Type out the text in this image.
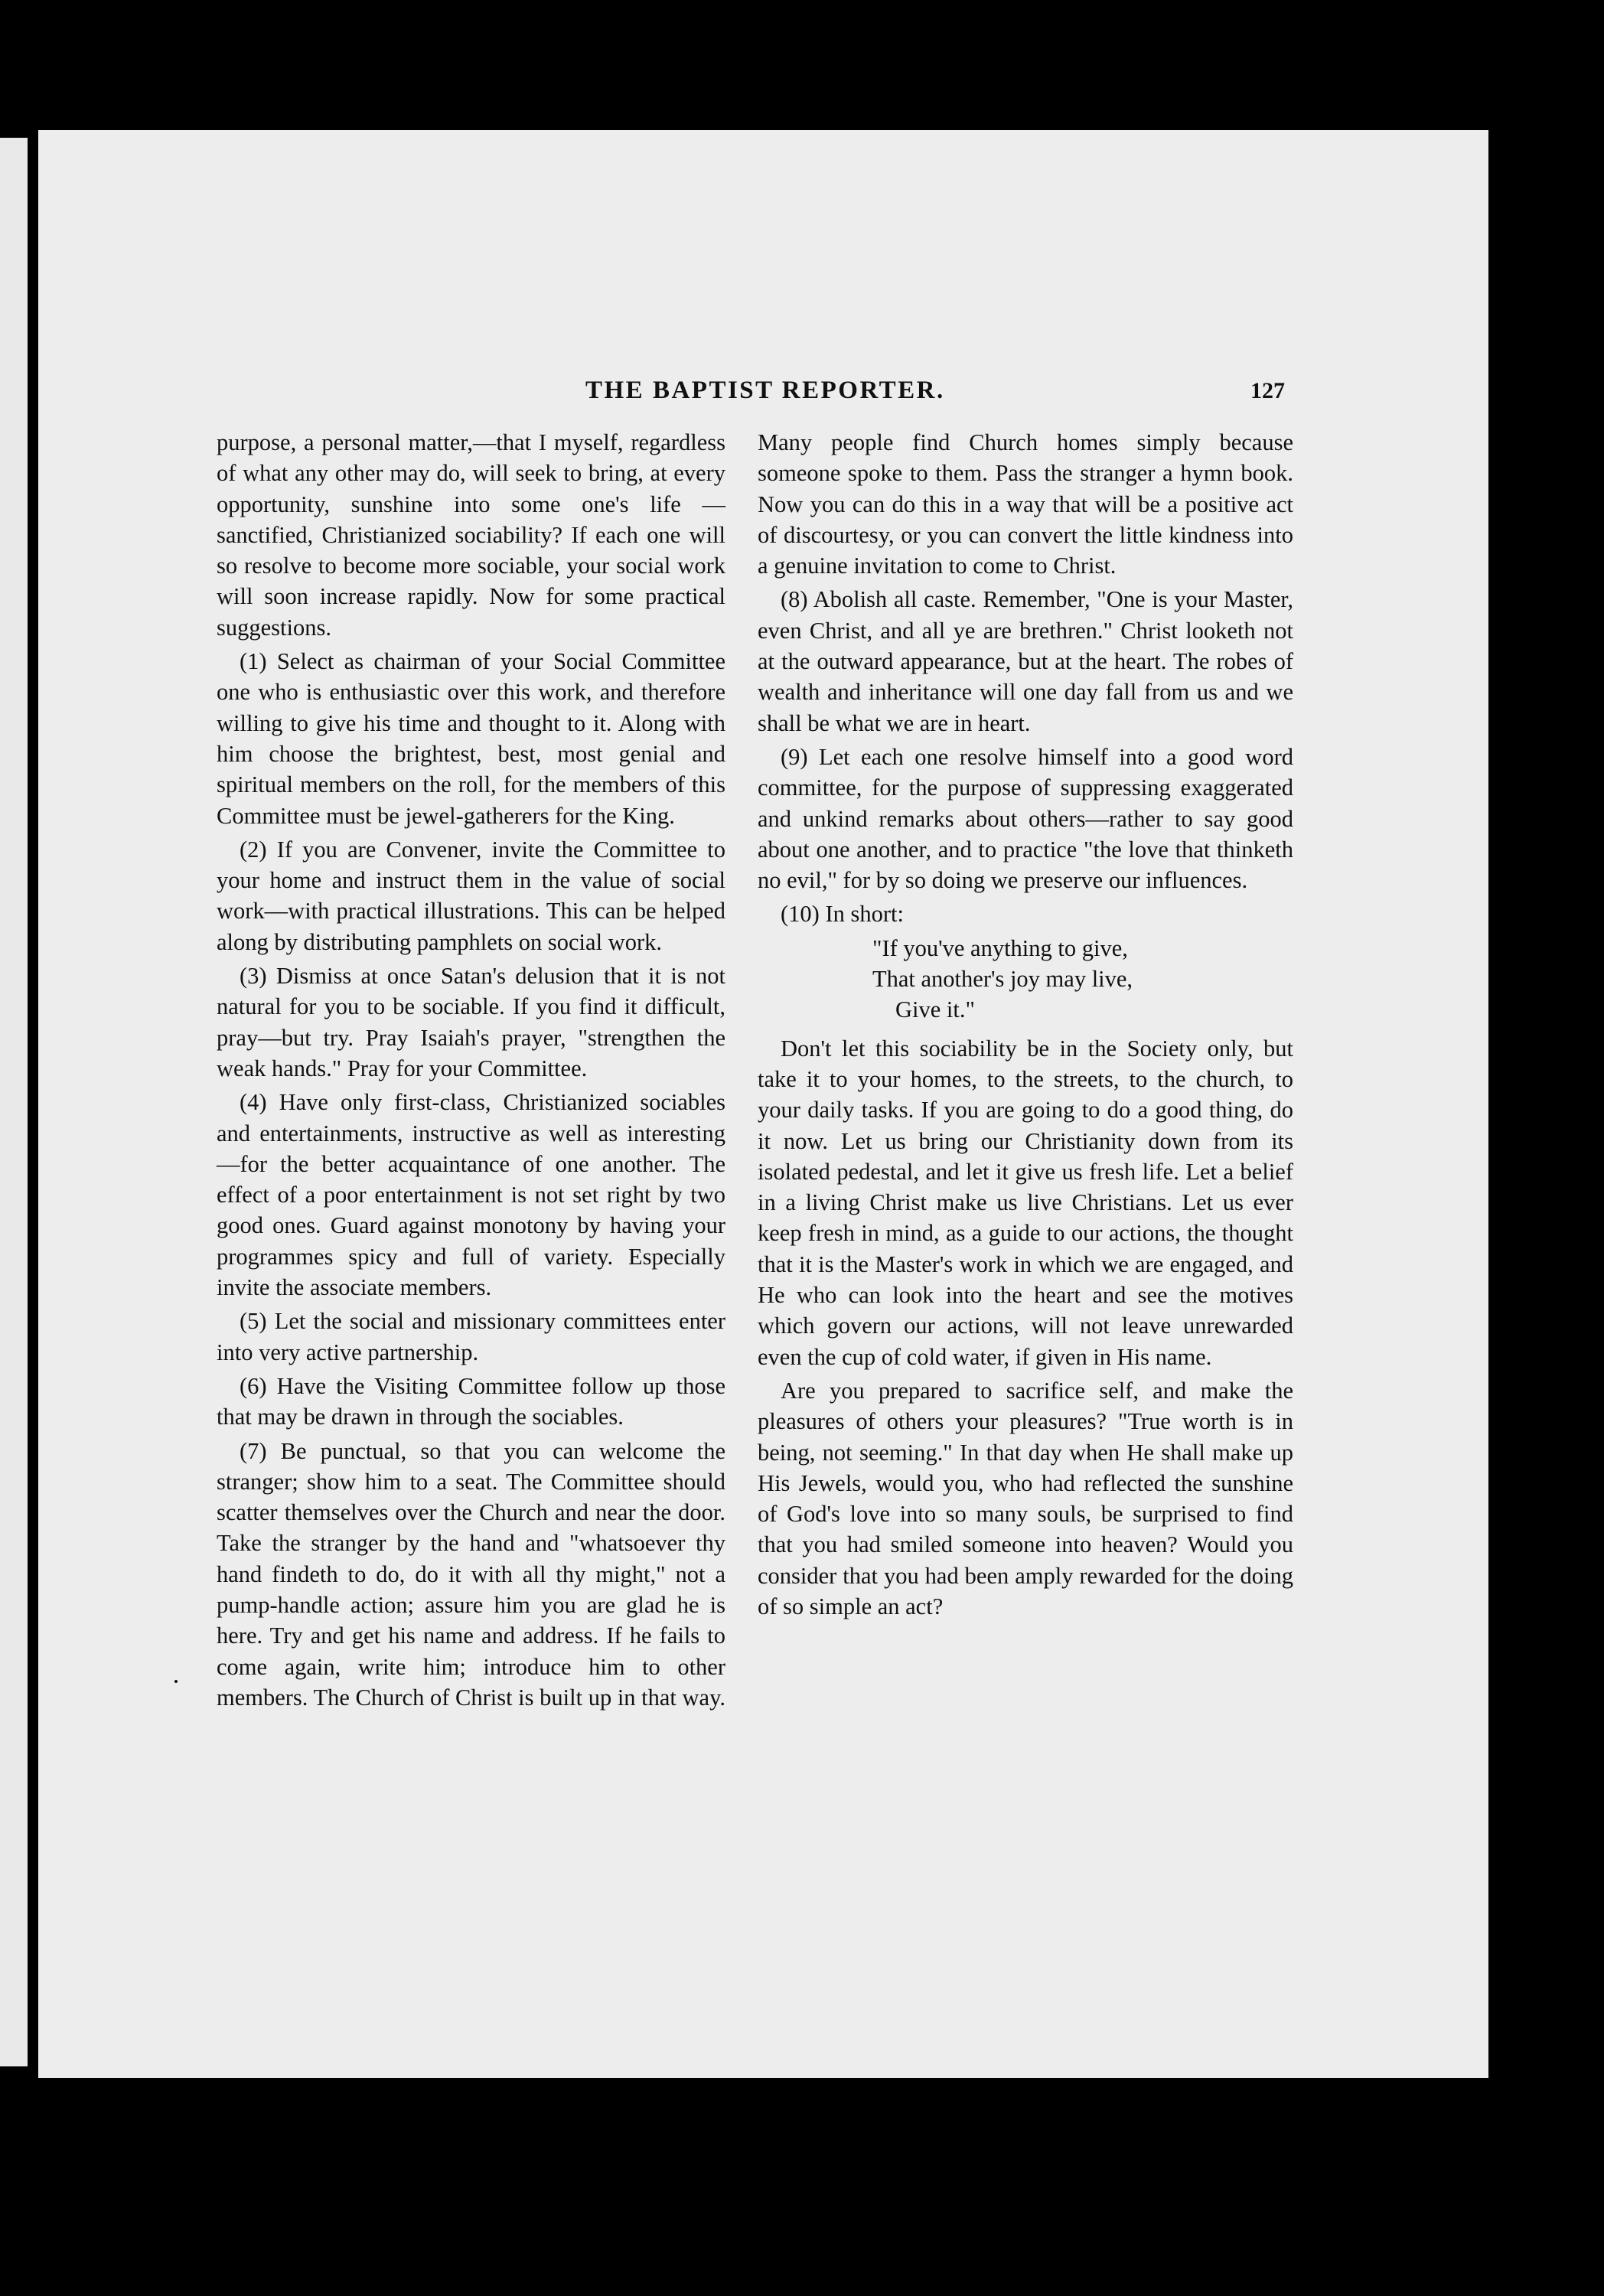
THE BAPTIST REPORTER.	127

purpose, a personal matter,—that I myself, regardless of what any other may do, will seek to bring, at every opportunity, sunshine into some one's life —sanctified, Christianized sociability? If each one will so resolve to become more sociable, your social work will soon increase rapidly. Now for some practical suggestions.

(1) Select as chairman of your Social Committee one who is enthusiastic over this work, and therefore willing to give his time and thought to it. Along with him choose the brightest, best, most genial and spiritual members on the roll, for the members of this Committee must be jewel-gatherers for the King.

(2) If you are Convener, invite the Committee to your home and instruct them in the value of social work—with practical illustrations. This can be helped along by distributing pamphlets on social work.

(3) Dismiss at once Satan's delusion that it is not natural for you to be sociable. If you find it difficult, pray—but try. Pray Isaiah's prayer, "strengthen the weak hands." Pray for your Committee.

(4) Have only first-class, Christianized sociables and entertainments, instructive as well as interesting—for the better acquaintance of one another. The effect of a poor entertainment is not set right by two good ones. Guard against monotony by having your programmes spicy and full of variety. Especially invite the associate members.

(5) Let the social and missionary committees enter into very active partnership.

(6) Have the Visiting Committee follow up those that may be drawn in through the sociables.

(7) Be punctual, so that you can welcome the stranger; show him to a seat. The Committee should scatter themselves over the Church and near the door. Take the stranger by the hand and "whatsoever thy hand findeth to do, do it with all thy might," not a pump-handle action; assure him you are glad he is here. Try and get his name and address. If he fails to come again, write him; introduce him to other members. The Church of Christ is built up in that way.

Many people find Church homes simply because someone spoke to them. Pass the stranger a hymn book. Now you can do this in a way that will be a positive act of discourtesy, or you can convert the little kindness into a genuine invitation to come to Christ.

(8) Abolish all caste. Remember, "One is your Master, even Christ, and all ye are brethren." Christ looketh not at the outward appearance, but at the heart. The robes of wealth and inheritance will one day fall from us and we shall be what we are in heart.

(9) Let each one resolve himself into a good word committee, for the purpose of suppressing exaggerated and unkind remarks about others—rather to say good about one another, and to practice "the love that thinketh no evil," for by so doing we preserve our influences.

(10) In short:

"If you've anything to give,
That another's joy may live,
Give it."

Don't let this sociability be in the Society only, but take it to your homes, to the streets, to the church, to your daily tasks. If you are going to do a good thing, do it now. Let us bring our Christianity down from its isolated pedestal, and let it give us fresh life. Let a belief in a living Christ make us live Christians. Let us ever keep fresh in mind, as a guide to our actions, the thought that it is the Master's work in which we are engaged, and He who can look into the heart and see the motives which govern our actions, will not leave unrewarded even the cup of cold water, if given in His name.

Are you prepared to sacrifice self, and make the pleasures of others your pleasures? "True worth is in being, not seeming." In that day when He shall make up His Jewels, would you, who had reflected the sunshine of God's love into so many souls, be surprised to find that you had smiled someone into heaven? Would you consider that you had been amply rewarded for the doing of so simple an act?
